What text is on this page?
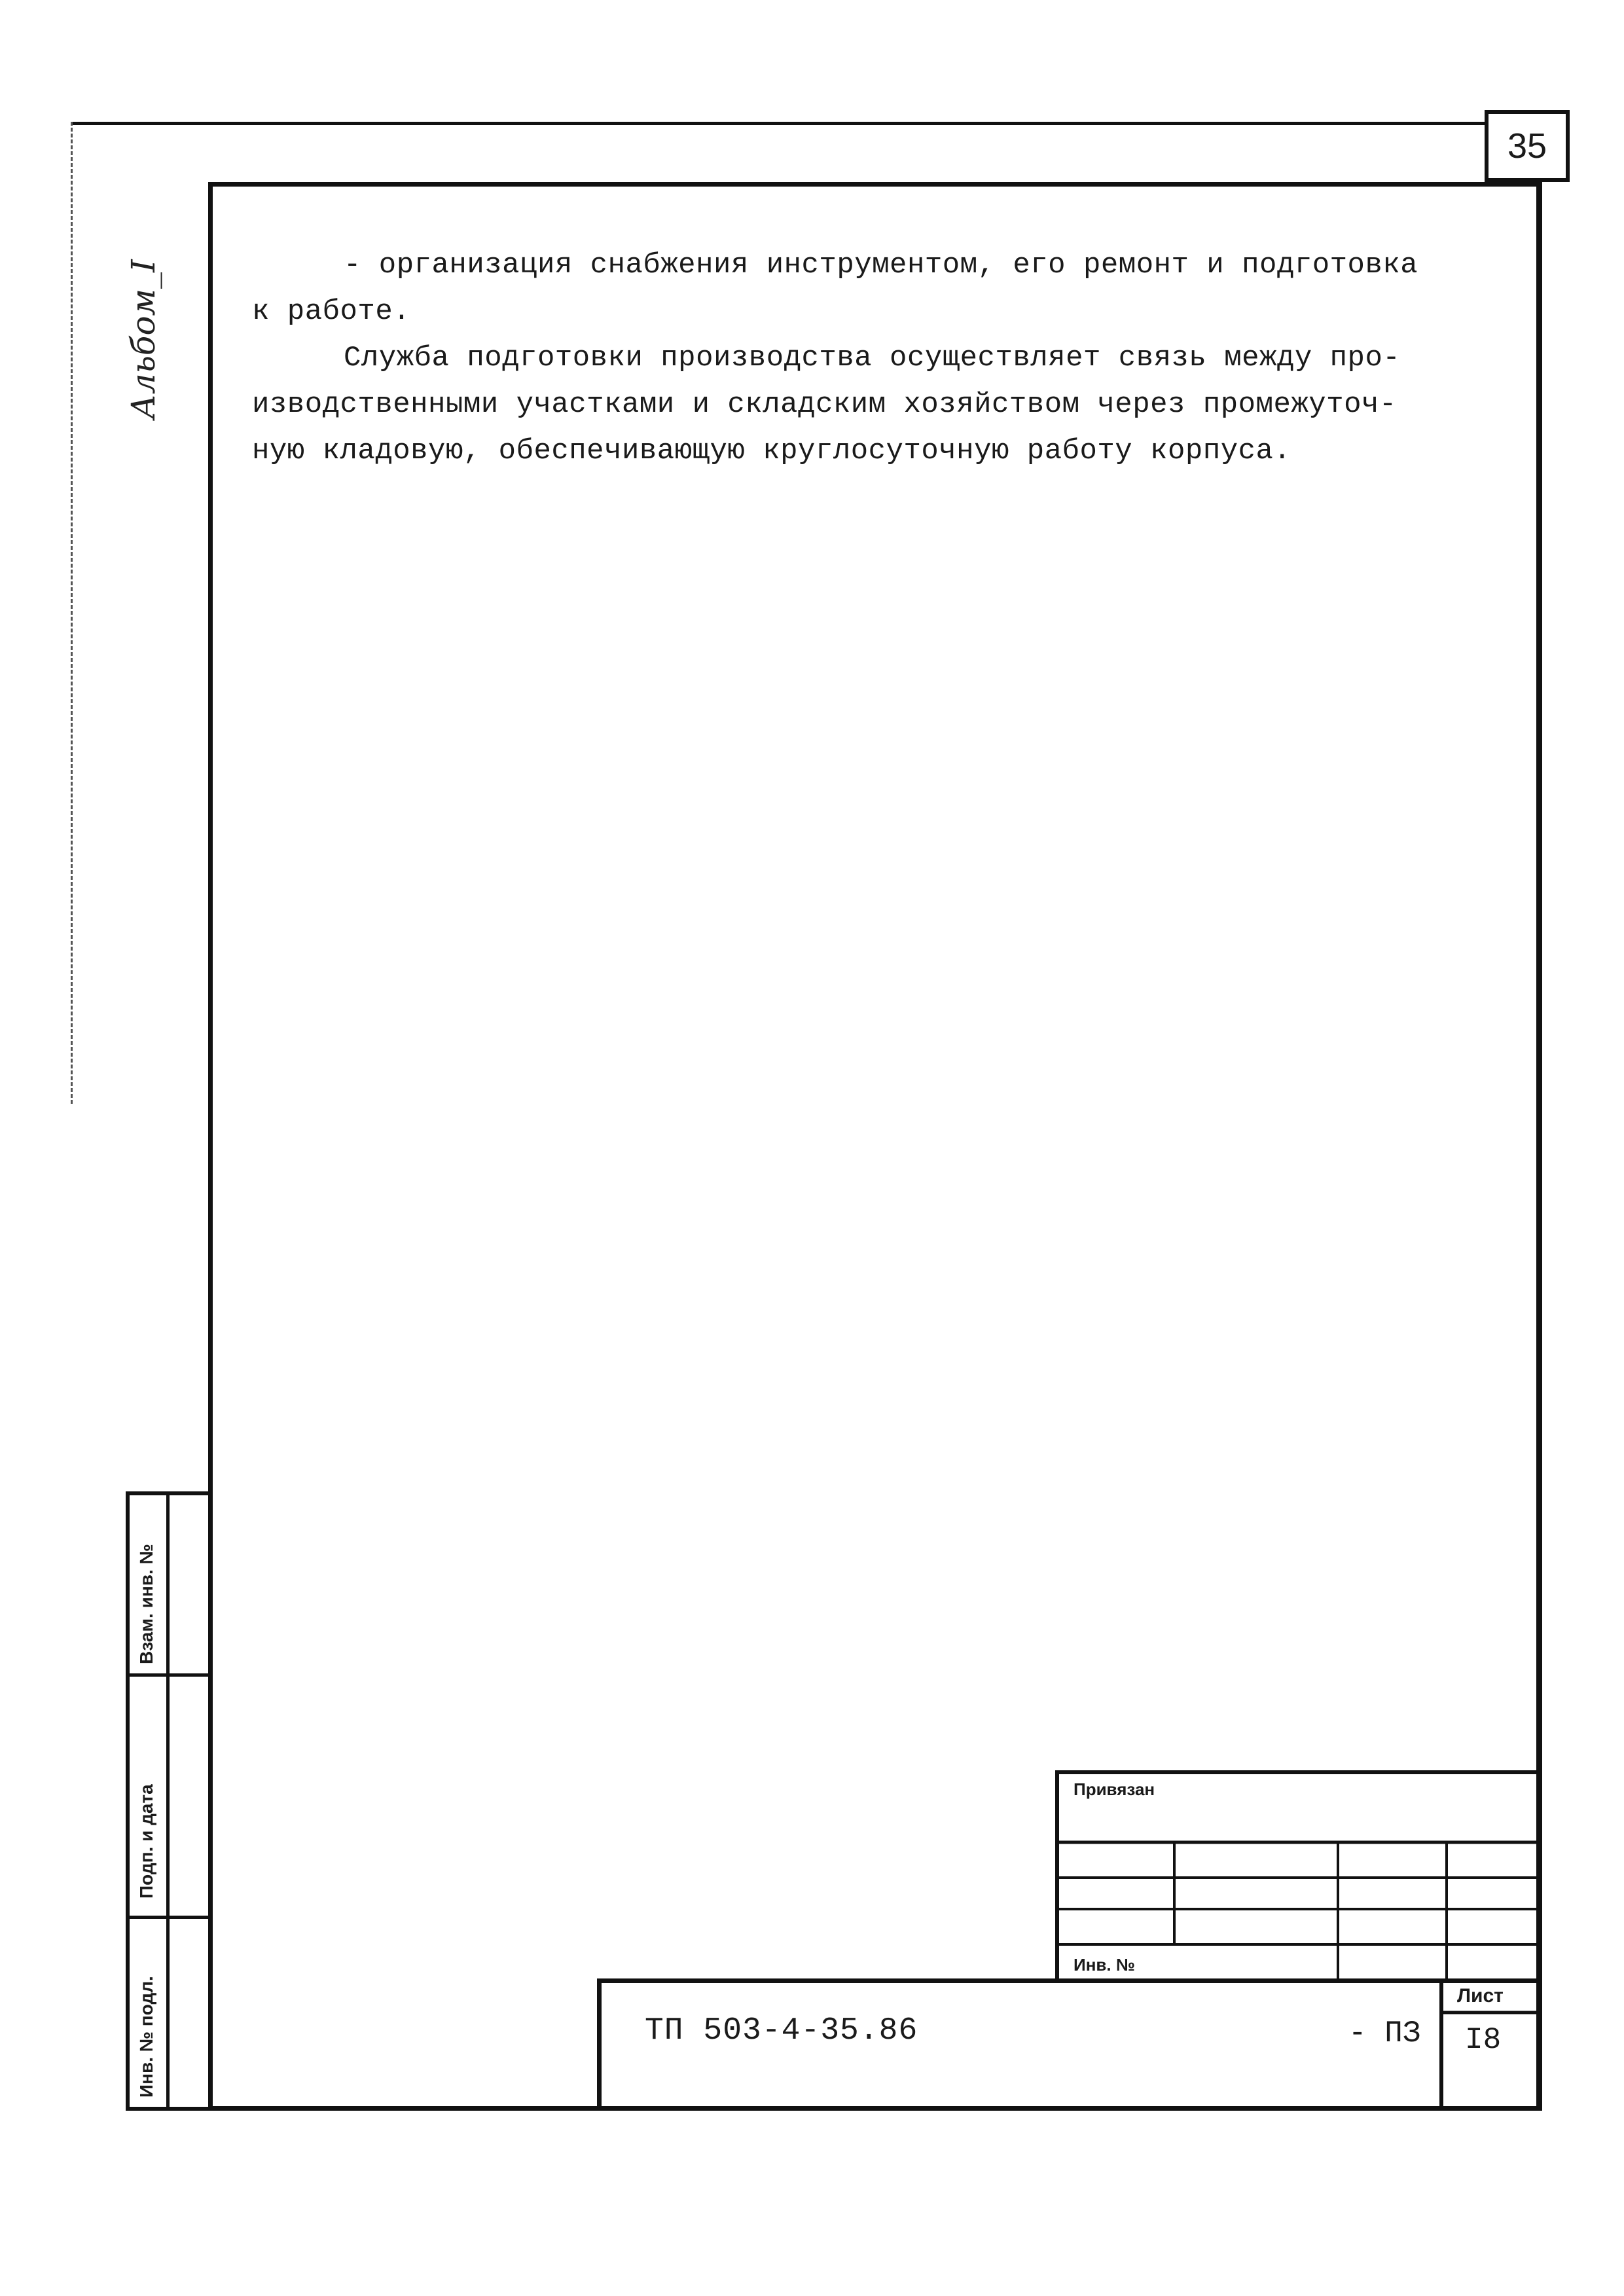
35
Альбом_I	- организация снабжения инструментом, его ремонт и подготовка

к работе.

Служба подготовки производства осуществляет связь между про-

изводственными участками и складским хозяйством через промежуточ-

ную кладовую, обеспечивающую круглосуточную работу корпуса.

Взам. инв. №
Подп. и дата
Инв. № подл.
Привязан
Инв. №
ТП 503-4-35.86	- ПЗ
Лист
I8
